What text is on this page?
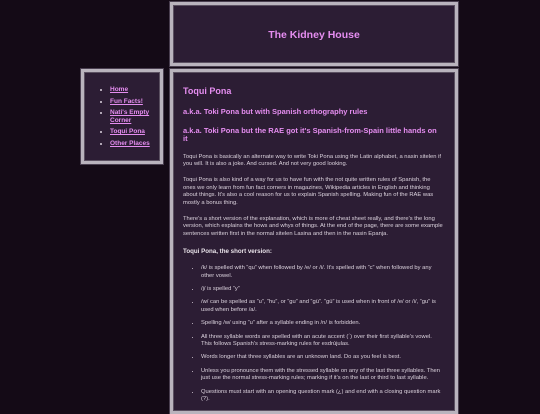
The Kidney House
• Home
• Fun Facts!
• Nati's Empty Corner
• Toqui Pona
• Other Places
Toqui Pona
a.k.a. Toki Pona but with Spanish orthography rules
a.k.a. Toki Pona but the RAE got it's Spanish-from-Spain little hands on it

Toqui Pona is basically an alternate way to write Toki Pona using the Latin alphabet, a nasin sitelen if you will. It is also a joke. And cursed. And not very good looking.

Toqui Pona is also kind of a way for us to have fun with the not quite written rules of Spanish, the ones we only learn from fun fact corners in magazines, Wikipedia articles in English and thinking about things. It's also a cool reason for us to explain Spanish spelling. Making fun of the RAE was mostly a bonus thing.

There's a short version of the explanation, which is more of cheat sheet really, and there's the long version, which explains the hows and whys of things. At the end of the page, there are some example sentences written first in the normal sitelen Lasina and then in the nasin Epanja.

Toqui Pona, the short version:
• /k/ is spelled with “qu” when followed by /e/ or /i/. It's spelled with “c” when followed by any other vowel.
• /j/ is spelled “y”
• /w/ can be spelled as “u”, “hu”, or “gu” and “gü”. “gü” is used when in front of /e/ or /i/, “gu” is used when before /a/.
• Spelling /w/ using “u” after a syllable ending in /n/ is forbidden.
• All three syllable words are spelled with an acute accent (´) over their first syllable's vowel. This follows Spanish's stress-marking rules for esdrújulas.
• Words longer that three syllables are an unknown land. Do as you feel is best.
• Unless you pronounce them with the stressed syllable on any of the last three syllables. Then just use the normal stress-marking rules; marking if it's on the last or third to last syllable.
• Questions must start with an opening question mark (¿) and end with a closing question mark (?).
